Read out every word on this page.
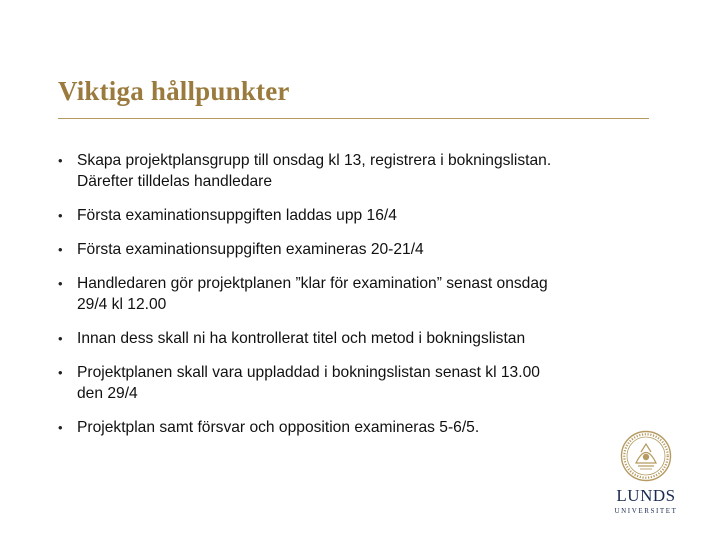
Viktiga hållpunkter
• Skapa projektplansgrupp till onsdag kl 13, registrera i bokningslistan.
Därefter tilldelas handledare
• Första examinationsuppgiften laddas upp 16/4
• Första examinationsuppgiften examineras 20-21/4
• Handledaren gör projektplanen ”klar för examination” senast onsdag
29/4 kl 12.00
• Innan dess skall ni ha kontrollerat titel och metod i bokningslistan
• Projektplanen skall vara uppladdad i bokningslistan senast kl 13.00
den 29/4
• Projektplan samt försvar och opposition examineras 5-6/5.
LUNDS
UNIVERSITET
